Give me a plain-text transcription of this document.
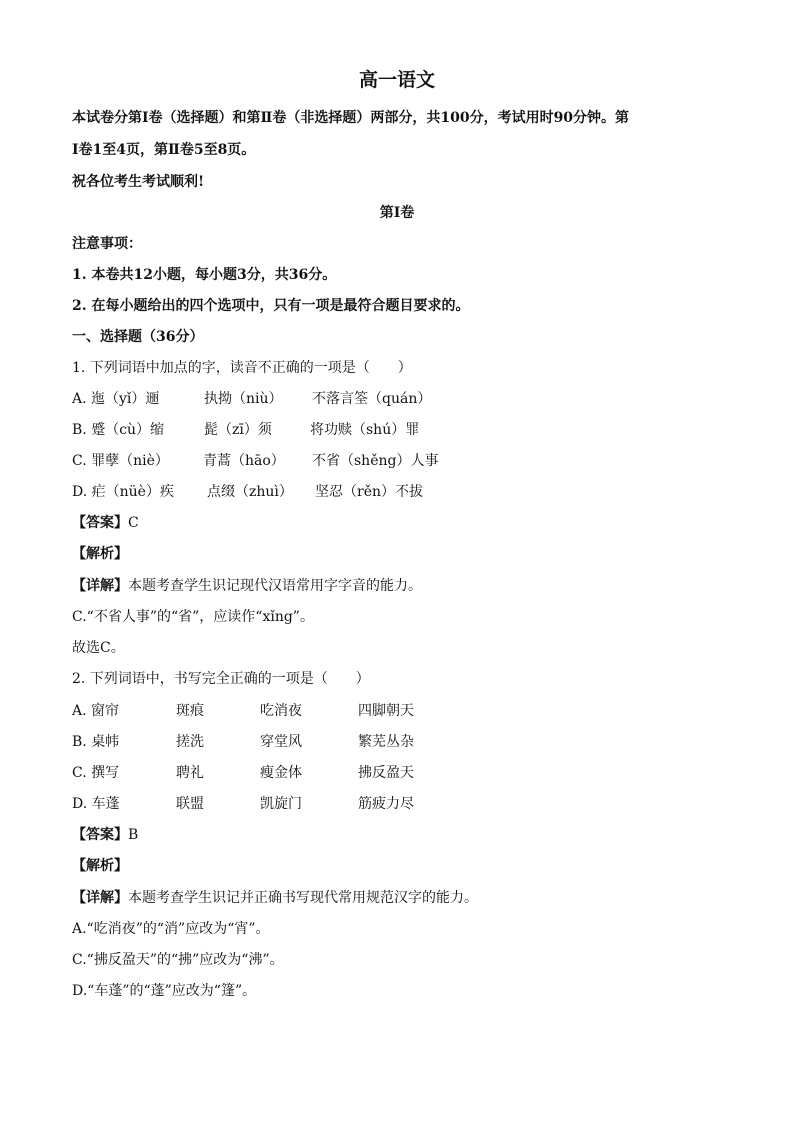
高一语文
本试卷分第Ⅰ卷（选择题）和第Ⅱ卷（非选择题）两部分，共100分，考试用时90分钟。第
Ⅰ卷1至4页，第Ⅱ卷5至8页。
祝各位考生考试顺利!
第Ⅰ卷
注意事项：
1. 本卷共12小题，每小题3分，共36分。
2. 在每小题给出的四个选项中，只有一项是最符合题目要求的。
一、选择题（36分）
1. 下列词语中加点的字，读音不正确的一项是（　　）
A. 迤（yǐ）逦	执拗（niù） 不落言筌（quán）
B. 蹙（cù）缩	髭（zī）须	将功赎（shú）罪
C. 罪孽（niè） 青蒿（hāo） 不省（shěng）人事
D. 疟（nüè）疾 点缀（zhuì） 坚忍（rěn）不拔
【答案】C
【解析】
【详解】本题考查学生识记现代汉语常用字字音的能力。
C.“不省人事”的“省”，应读作“xǐng”。
故选C。
2. 下列词语中，书写完全正确的一项是（　　）
A. 窗帘	斑痕	吃消夜	四脚朝天
B. 桌帏	搓洗	穿堂风	繁芜丛杂
C. 撰写	聘礼	瘦金体	拂反盈天
D. 车蓬	联盟	凯旋门	筋疲力尽
【答案】B
【解析】
【详解】本题考查学生识记并正确书写现代常用规范汉字的能力。
A.“吃消夜”的“消”应改为“宵”。
C.“拂反盈天”的“拂”应改为“沸”。
D.“车蓬”的“蓬”应改为“篷”。
